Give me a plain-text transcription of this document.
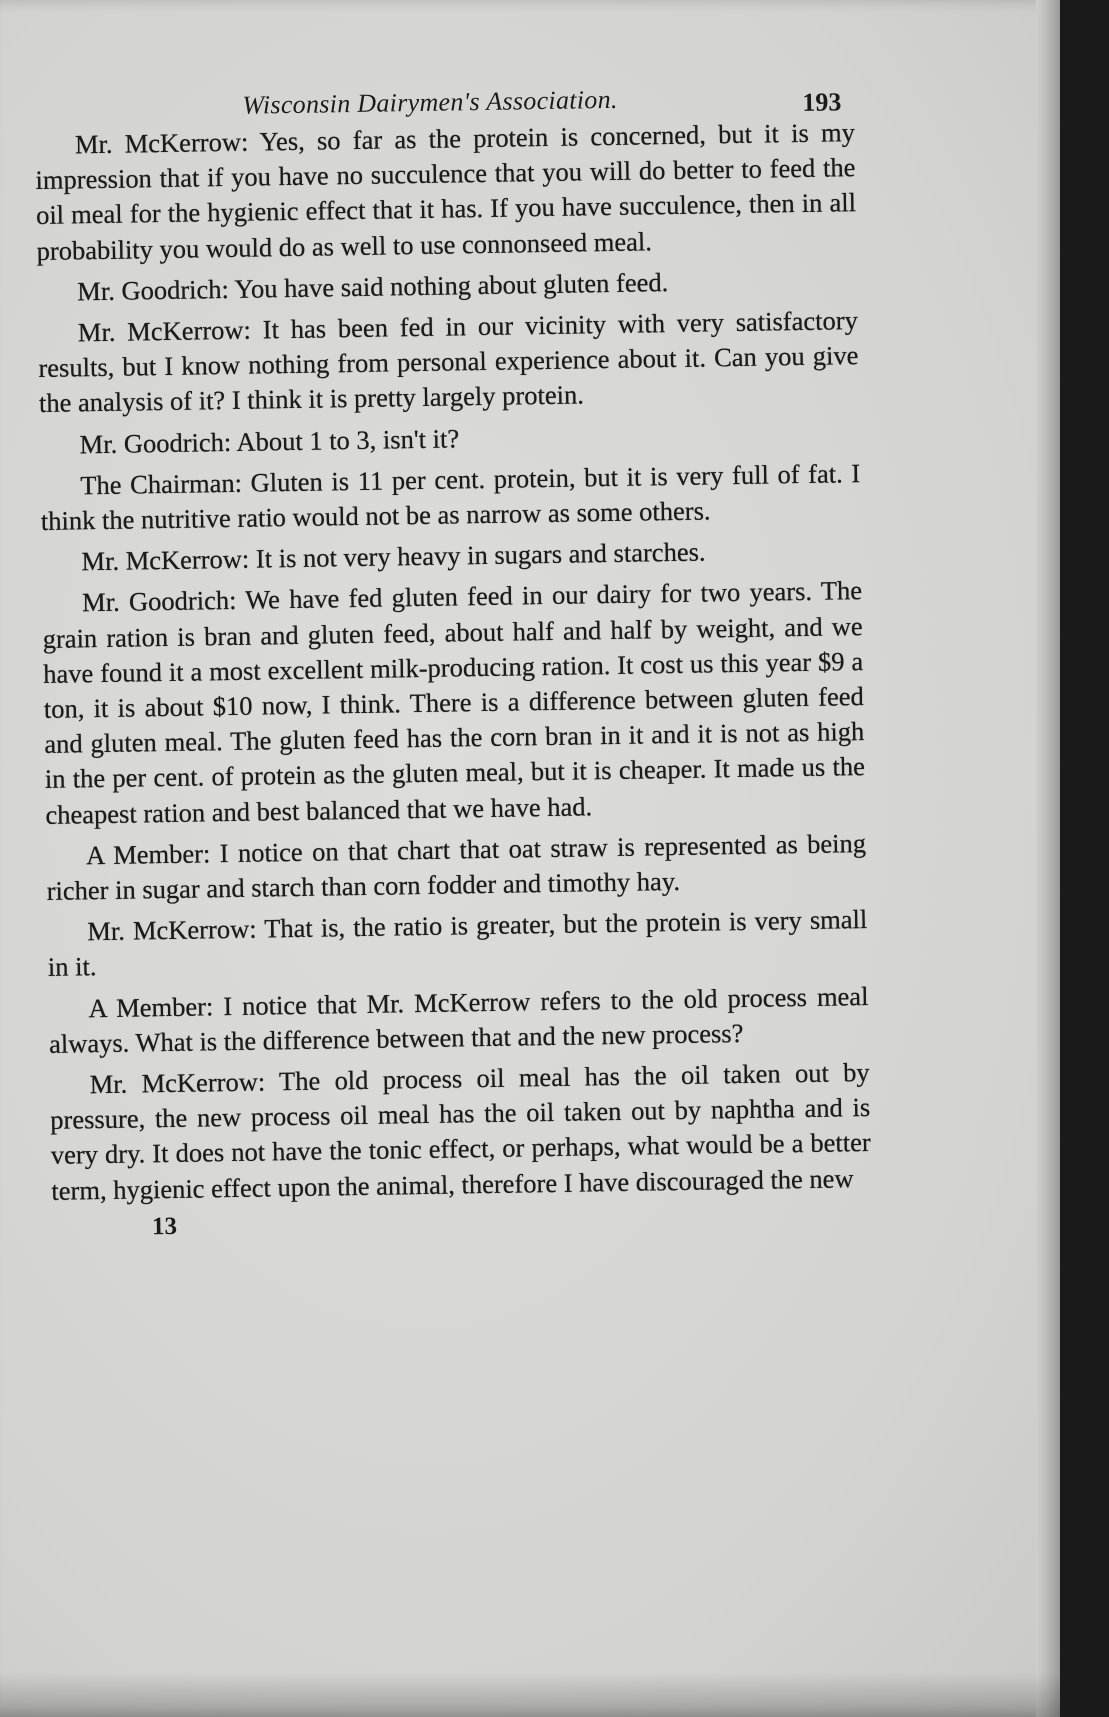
Wisconsin Dairymen's Association.	193

Mr. McKerrow: Yes, so far as the protein is concerned, but it is my impression that if you have no succulence that you will do better to feed the oil meal for the hygienic effect that it has. If you have succulence, then in all probability you would do as well to use connonseed meal.

Mr. Goodrich: You have said nothing about gluten feed.

Mr. McKerrow: It has been fed in our vicinity with very satisfactory results, but I know nothing from personal experience about it. Can you give the analysis of it? I think it is pretty largely protein.

Mr. Goodrich: About 1 to 3, isn't it?

The Chairman: Gluten is 11 per cent. protein, but it is very full of fat. I think the nutritive ratio would not be as narrow as some others.

Mr. McKerrow: It is not very heavy in sugars and starches.

Mr. Goodrich: We have fed gluten feed in our dairy for two years. The grain ration is bran and gluten feed, about half and half by weight, and we have found it a most excellent milk-producing ration. It cost us this year $9 a ton, it is about $10 now, I think. There is a difference between gluten feed and gluten meal. The gluten feed has the corn bran in it and it is not as high in the per cent. of protein as the gluten meal, but it is cheaper. It made us the cheapest ration and best balanced that we have had.

A Member: I notice on that chart that oat straw is represented as being richer in sugar and starch than corn fodder and timothy hay.

Mr. McKerrow: That is, the ratio is greater, but the protein is very small in it.

A Member: I notice that Mr. McKerrow refers to the old process meal always. What is the difference between that and the new process?

Mr. McKerrow: The old process oil meal has the oil taken out by pressure, the new process oil meal has the oil taken out by naphtha and is very dry. It does not have the tonic effect, or perhaps, what would be a better term, hygienic effect upon the animal, therefore I have discouraged the new

13
